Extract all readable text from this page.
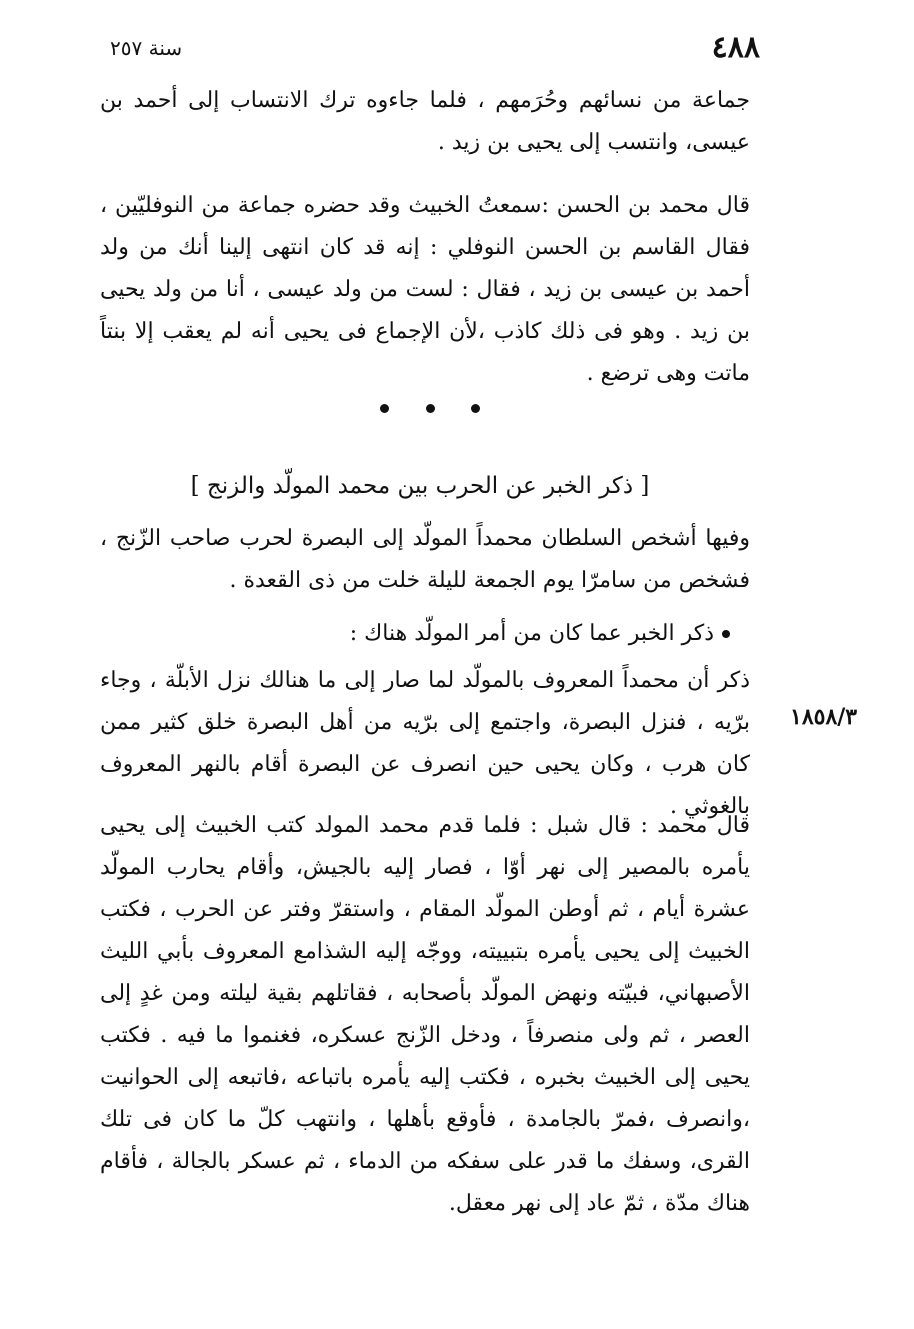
سنة ٢٥٧	٤٨٨

جماعة من نسائهم وحُرَمهم ، فلما جاءوه ترك الانتساب إلى أحمد بن عيسى، وانتسب إلى يحيى بن زيد .

قال محمد بن الحسن :سمعتُ الخبيث وقد حضره جماعة من النوفليّين ، فقال القاسم بن الحسن النوفلي : إنه قد كان انتهى إلينا أنك من ولد أحمد بن عيسى بن زيد ، فقال : لست من ولد عيسى ، أنا من ولد يحيى بن زيد . وهو فى ذلك كاذب ،لأن الإجماع فى يحيى أنه لم يعقب إلا بنتاً ماتت وهى ترضع .

[ ذكر الخبر عن الحرب بين محمد المولّد والزنج ]

وفيها أشخص السلطان محمداً المولّد إلى البصرة لحرب صاحب الزّنج ، فشخص من سامرّا يوم الجمعة لليلة خلت من ذى القعدة .

ذكر الخبر عما كان من أمر المولّد هناك :

ذكر أن محمداً المعروف بالمولّد لما صار إلى ما هنالك نزل الأبلّة ، وجاء برّيه ، فنزل البصرة، واجتمع إلى برّيه من أهل البصرة خلق كثير ممن كان هرب ، وكان يحيى حين انصرف عن البصرة أقام بالنهر المعروف بالغوثي .

١٨٥٨/٣

قال محمد : قال شبل : فلما قدم محمد المولد كتب الخبيث إلى يحيى يأمره بالمصير إلى نهر أوّا ، فصار إليه بالجيش، وأقام يحارب المولّد عشرة أيام ، ثم أوطن المولّد المقام ، واستقرّ وفتر عن الحرب ، فكتب الخبيث إلى يحيى يأمره بتبييته، ووجّه إليه الشذامع المعروف بأبي الليث الأصبهاني، فبيّته ونهض المولّد بأصحابه ، فقاتلهم بقية ليلته ومن غدٍ إلى العصر ، ثم ولى منصرفاً ، ودخل الزّنج عسكره، فغنموا ما فيه . فكتب يحيى إلى الخبيث بخبره ، فكتب إليه يأمره باتباعه ،فاتبعه إلى الحوانيت ،وانصرف ،فمرّ بالجامدة ، فأوقع بأهلها ، وانتهب كلّ ما كان فى تلك القرى، وسفك ما قدر على سفكه من الدماء ، ثم عسكر بالجالة ، فأقام هناك مدّة ، ثمّ عاد إلى نهر معقل.
